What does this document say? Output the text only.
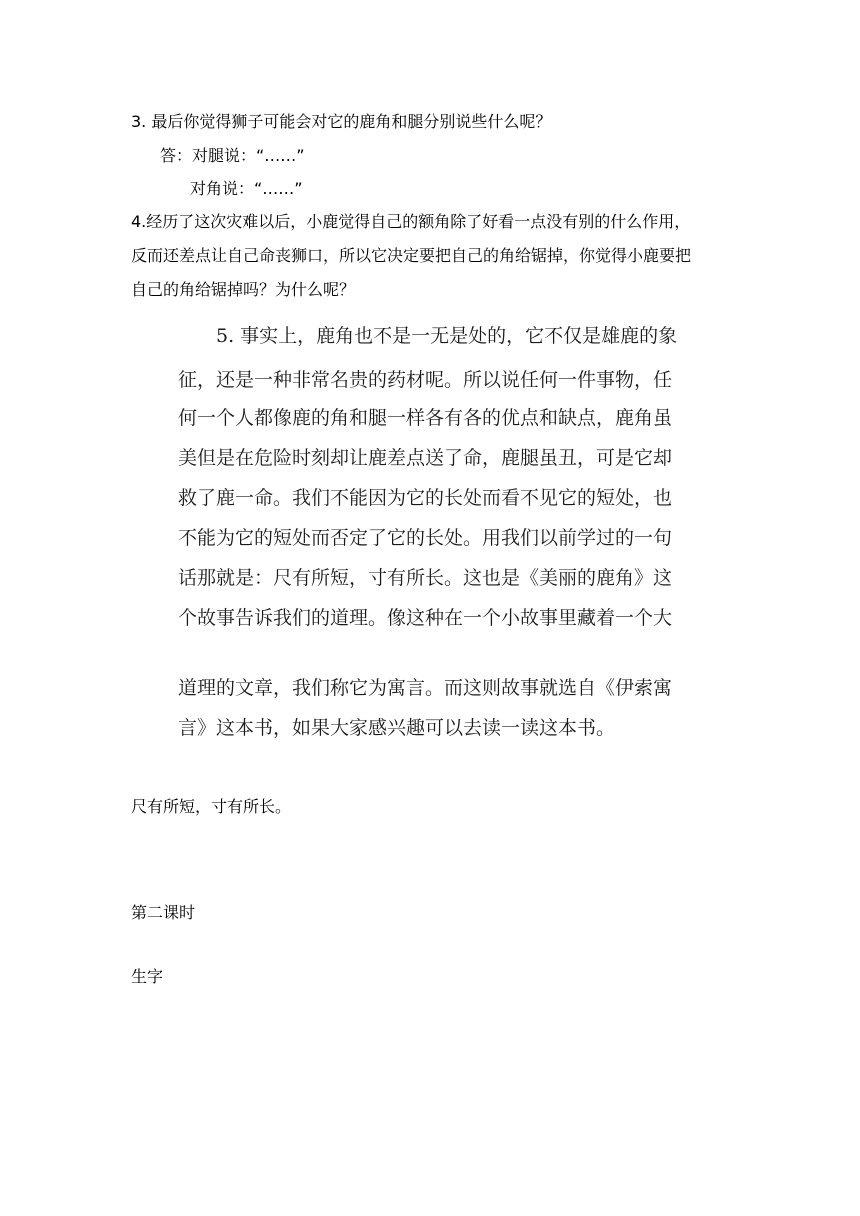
3. 最后你觉得狮子可能会对它的鹿角和腿分别说些什么呢？
答：对腿说：“……”
对角说：“……”
4.经历了这次灾难以后，小鹿觉得自己的额角除了好看一点没有别的什么作用，
反而还差点让自己命丧狮口，所以它决定要把自己的角给锯掉，你觉得小鹿要把
自己的角给锯掉吗？为什么呢？
5. 事实上，鹿角也不是一无是处的，它不仅是雄鹿的象
征，还是一种非常名贵的药材呢。所以说任何一件事物，任
何一个人都像鹿的角和腿一样各有各的优点和缺点，鹿角虽
美但是在危险时刻却让鹿差点送了命，鹿腿虽丑，可是它却
救了鹿一命。我们不能因为它的长处而看不见它的短处，也
不能为它的短处而否定了它的长处。用我们以前学过的一句
话那就是：尺有所短，寸有所长。这也是《美丽的鹿角》这
个故事告诉我们的道理。像这种在一个小故事里藏着一个大
道理的文章，我们称它为寓言。而这则故事就选自《伊索寓
言》这本书，如果大家感兴趣可以去读一读这本书。
尺有所短，寸有所长。
第二课时
生字
